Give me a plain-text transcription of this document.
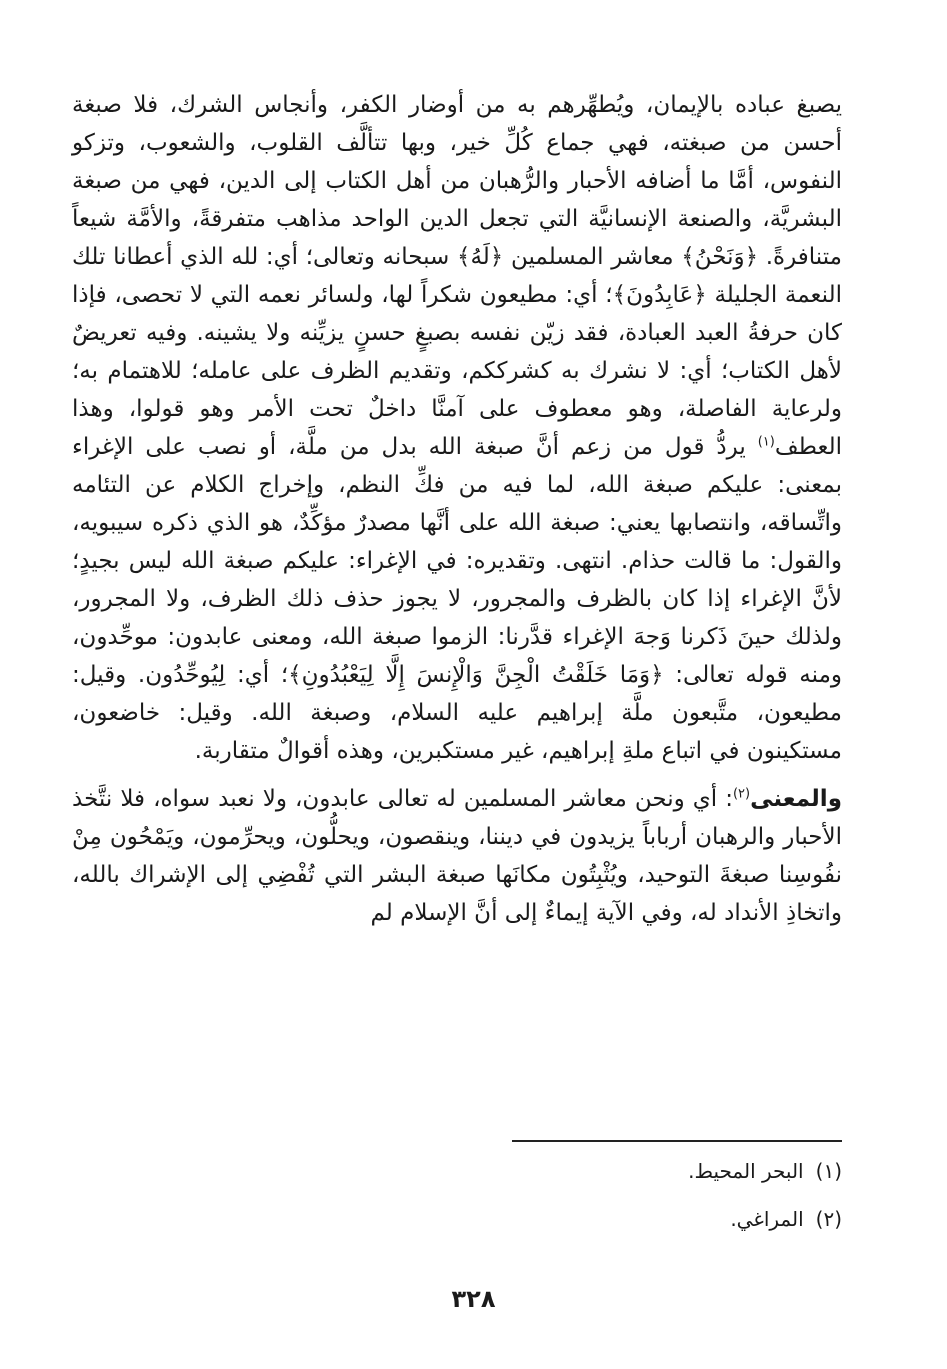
يصبغ عباده بالإيمان، ويُطهِّرهم به من أوضار الكفر، وأنجاس الشرك، فلا صبغة أحسن من صبغته، فهي جماع كُلِّ خير، وبها تتألَّف القلوب، والشعوب، وتزكو النفوس، أمَّا ما أضافه الأحبار والرُّهبان من أهل الكتاب إلى الدين، فهي من صبغة البشريَّة، والصنعة الإنسانيَّة التي تجعل الدين الواحد مذاهب متفرقةً، والأمَّة شيعاً متنافرةً. ﴿وَنَحْنُ﴾ معاشر المسلمين ﴿لَهُ﴾ سبحانه وتعالى؛ أي: لله الذي أعطانا تلك النعمة الجليلة ﴿عَابِدُونَ﴾؛ أي: مطيعون شكراً لها، ولسائر نعمه التي لا تحصى، فإذا كان حرفةُ العبد العبادة، فقد زيّن نفسه بصبغٍ حسنٍ يزيِّنه ولا يشينه. وفيه تعريضٌ لأهل الكتاب؛ أي: لا نشرك به كشرككم، وتقديم الظرف على عامله؛ للاهتمام به؛ ولرعاية الفاصلة، وهو معطوف على آمنَّا داخلٌ تحت الأمر وهو قولوا، وهذا العطف$^{(١)}$ يردُّ قول من زعم أنَّ صبغة الله بدل من ملَّة، أو نصب على الإغراء بمعنى: عليكم صبغة الله، لما فيه من فكِّ النظم، وإخراج الكلام عن التئامه واتِّساقه، وانتصابها يعني: صبغة الله على أنَّها مصدرٌ مؤكِّدٌ، هو الذي ذكره سيبويه، والقول: ما قالت حذام. انتهى. وتقديره: في الإغراء: عليكم صبغة الله ليس بجيدٍ؛ لأنَّ الإغراء إذا كان بالظرف والمجرور، لا يجوز حذف ذلك الظرف، ولا المجرور، ولذلك حينَ ذَكرنا وَجهَ الإغراء قدَّرنا: الزموا صبغة الله، ومعنى عابدون: موحِّدون، ومنه قوله تعالى: ﴿وَمَا خَلَقْتُ الْجِنَّ وَالْإِنسَ إِلَّا لِيَعْبُدُونِ﴾؛ أي: لِيُوحِّدُون. وقيل: مطيعون، متَّبعون ملَّة إبراهيم عليه السلام، وصبغة الله. وقيل: خاضعون، مستكينون في اتباع ملةِ إبراهيم، غير مستكبرين، وهذه أقوالٌ متقاربة.

والمعنى$^{(٢)}$: أي ونحن معاشر المسلمين له تعالى عابدون، ولا نعبد سواه، فلا نتَّخذ الأحبار والرهبان أرباباً يزيدون في ديننا، وينقصون، ويحلُّون، ويحرِّمون، ويَمْحُون مِنْ نفُوسِنا صبغةَ التوحيد، ويُثْبِتُون مكانَها صبغة البشر التي تُفْضِي إلى الإشراك بالله، واتخاذِ الأنداد له، وفي الآية إيماءٌ إلى أنَّ الإسلام لم

(١)البحر المحيط.

(٢)المراغي.

٣٢٨
